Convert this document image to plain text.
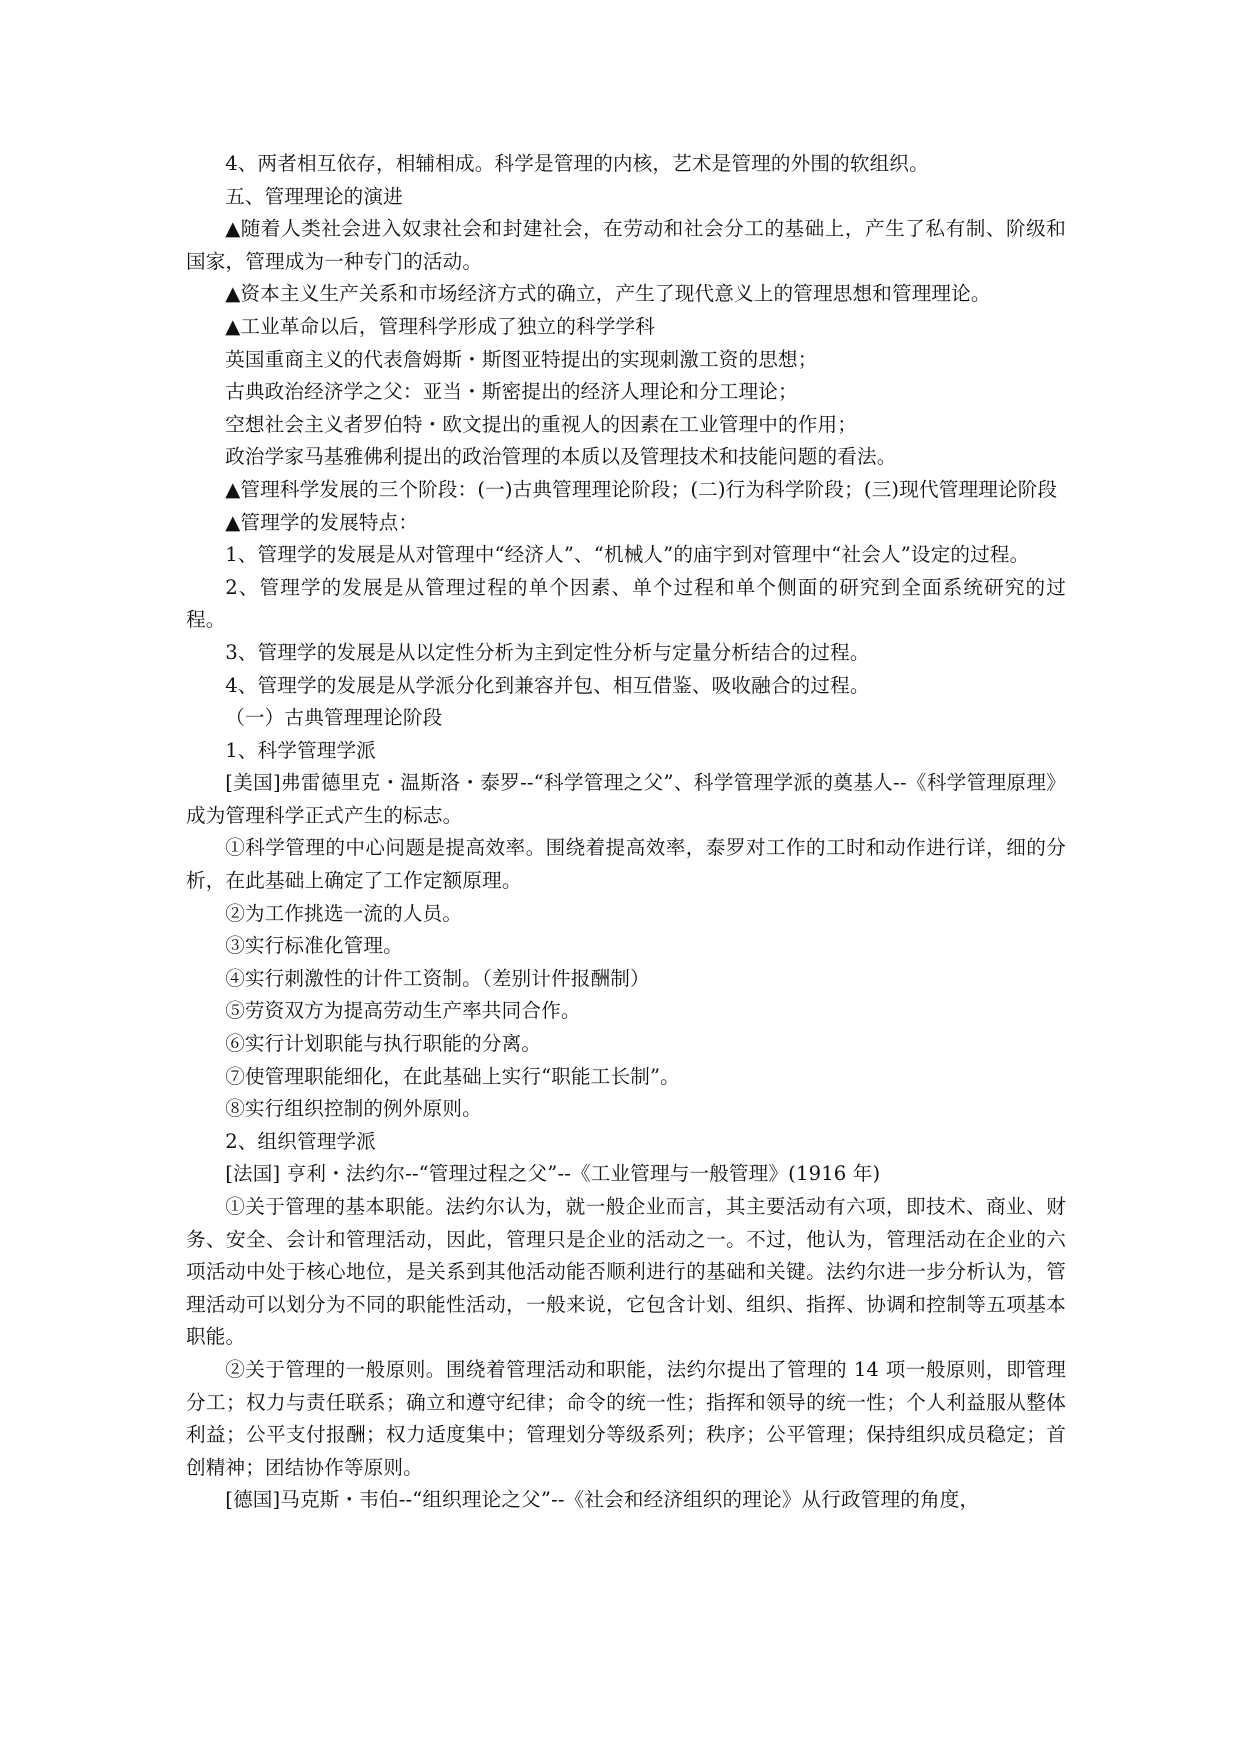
4、两者相互依存，相辅相成。科学是管理的内核，艺术是管理的外围的软组织。

五、管理理论的演进

▲随着人类社会进入奴隶社会和封建社会，在劳动和社会分工的基础上，产生了私有制、阶级和国家，管理成为一种专门的活动。

▲资本主义生产关系和市场经济方式的确立，产生了现代意义上的管理思想和管理理论。

▲工业革命以后，管理科学形成了独立的科学学科

英国重商主义的代表詹姆斯・斯图亚特提出的实现刺激工资的思想；

古典政治经济学之父：亚当・斯密提出的经济人理论和分工理论；

空想社会主义者罗伯特・欧文提出的重视人的因素在工业管理中的作用；

政治学家马基雅佛利提出的政治管理的本质以及管理技术和技能问题的看法。

▲管理科学发展的三个阶段：(一)古典管理理论阶段；(二)行为科学阶段；(三)现代管理理论阶段

▲管理学的发展特点：

1、管理学的发展是从对管理中“经济人”、“机械人”的庙宇到对管理中“社会人”设定的过程。

2、管理学的发展是从管理过程的单个因素、单个过程和单个侧面的研究到全面系统研究的过程。

3、管理学的发展是从以定性分析为主到定性分析与定量分析结合的过程。

4、管理学的发展是从学派分化到兼容并包、相互借鉴、吸收融合的过程。

（一）古典管理理论阶段

1、科学管理学派

[美国]弗雷德里克・温斯洛・泰罗--“科学管理之父”、科学管理学派的奠基人--《科学管理原理》成为管理科学正式产生的标志。

①科学管理的中心问题是提高效率。围绕着提高效率，泰罗对工作的工时和动作进行详，细的分析，在此基础上确定了工作定额原理。

②为工作挑选一流的人员。

③实行标准化管理。

④实行刺激性的计件工资制。（差别计件报酬制）

⑤劳资双方为提高劳动生产率共同合作。

⑥实行计划职能与执行职能的分离。

⑦使管理职能细化，在此基础上实行“职能工长制”。

⑧实行组织控制的例外原则。

2、组织管理学派

[法国] 亨利・法约尔--“管理过程之父”--《工业管理与一般管理》(1916 年)

①关于管理的基本职能。法约尔认为，就一般企业而言，其主要活动有六项，即技术、商业、财务、安全、会计和管理活动，因此，管理只是企业的活动之一。不过，他认为，管理活动在企业的六项活动中处于核心地位，是关系到其他活动能否顺利进行的基础和关键。法约尔进一步分析认为，管理活动可以划分为不同的职能性活动，一般来说，它包含计划、组织、指挥、协调和控制等五项基本职能。

②关于管理的一般原则。围绕着管理活动和职能，法约尔提出了管理的 14 项一般原则，即管理分工；权力与责任联系；确立和遵守纪律；命令的统一性；指挥和领导的统一性；个人利益服从整体利益；公平支付报酬；权力适度集中；管理划分等级系列；秩序；公平管理；保持组织成员稳定；首创精神；团结协作等原则。

[德国]马克斯・韦伯--“组织理论之父”--《社会和经济组织的理论》从行政管理的角度，
